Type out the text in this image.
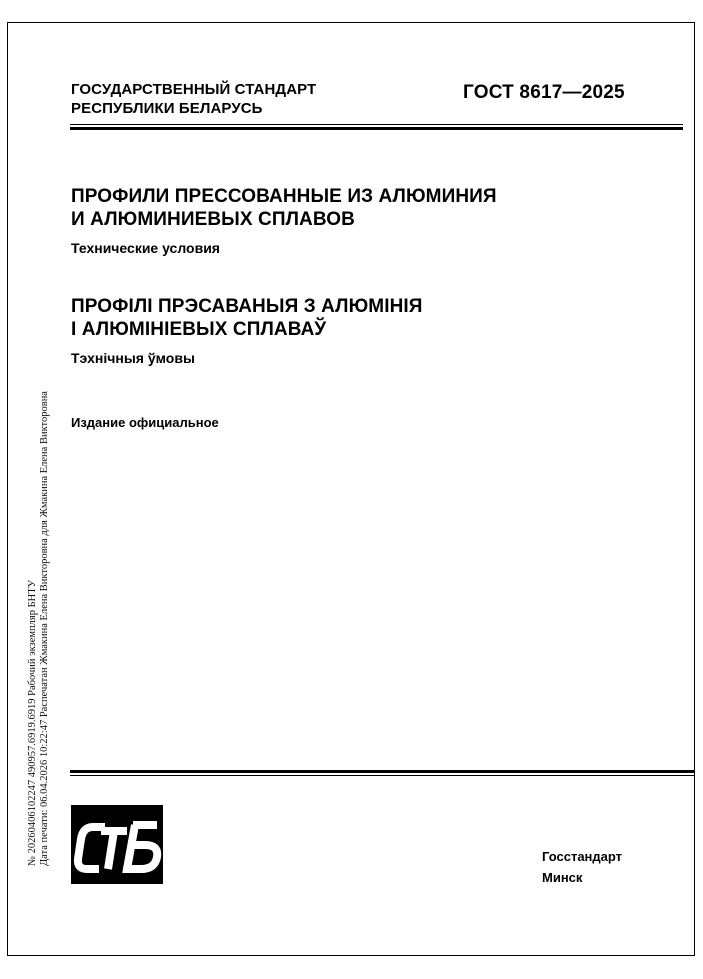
ГОСУДАРСТВЕННЫЙ СТАНДАРТ
РЕСПУБЛИКИ БЕЛАРУСЬ
ГОСТ 8617—2025
ПРОФИЛИ ПРЕССОВАННЫЕ ИЗ АЛЮМИНИЯ
И АЛЮМИНИЕВЫХ СПЛАВОВ
Технические условия
ПРОФІЛІ ПРЭСАВАНЫЯ З АЛЮМІНІЯ
І АЛЮМІНІЕВЫХ СПЛАВАЎ
Тэхнічныя ўмовы
Издание официальное
№ 20260406102247 490957.6919.6919 Рабочий экземпляр БНТУ Дата печати: 06.04.2026 10:22:47 Распечатан Жмакина Елена Викторовна для Жмакина Елена Викторовна	Госстандарт
Минск
